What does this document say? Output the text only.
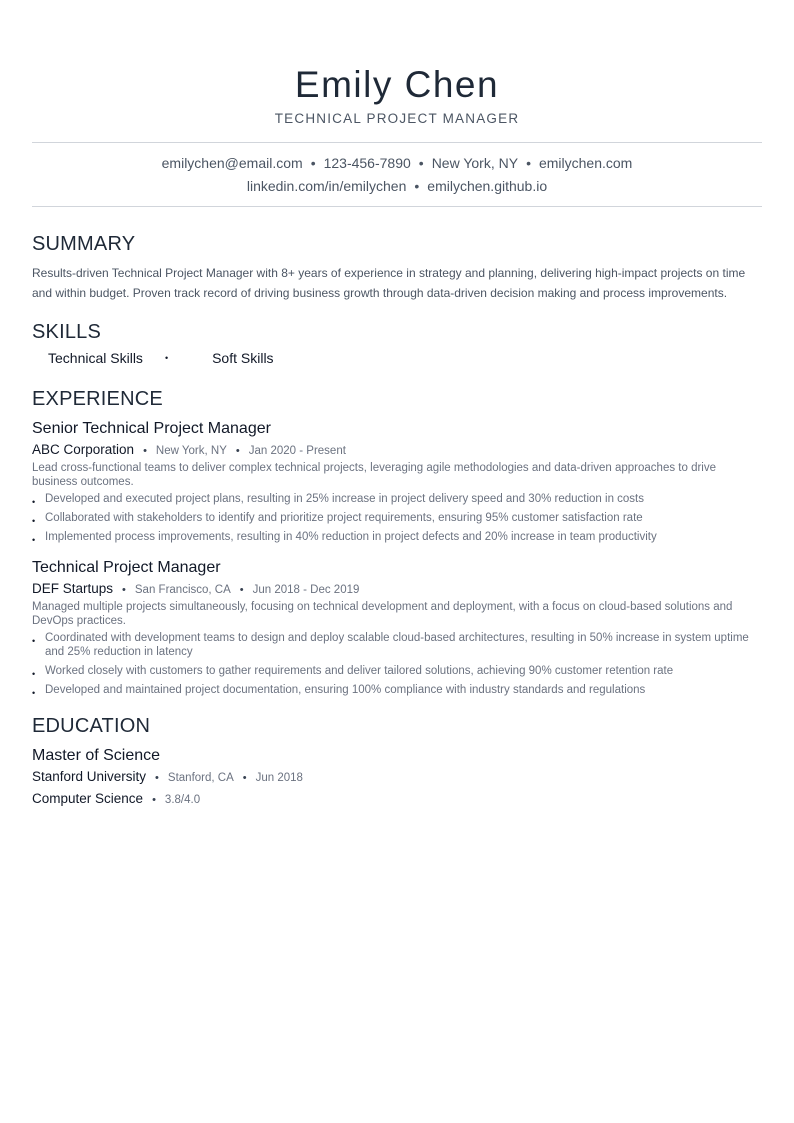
Emily Chen
TECHNICAL PROJECT MANAGER
emilychen@email.com • 123-456-7890 • New York, NY • emilychen.com
linkedin.com/in/emilychen • emilychen.github.io
SUMMARY

Results-driven Technical Project Manager with 8+ years of experience in strategy and planning, delivering high-impact projects on time and within budget. Proven track record of driving business growth through data-driven decision making and process improvements.

SKILLS
Technical Skills •	Soft Skills
EXPERIENCE
Senior Technical Project Manager
ABC Corporation • New York, NY • Jan 2020 - Present

Lead cross-functional teams to deliver complex technical projects, leveraging agile methodologies and data-driven approaches to drive business outcomes.

• Developed and executed project plans, resulting in 25% increase in project delivery speed and 30% reduction in costs
• Collaborated with stakeholders to identify and prioritize project requirements, ensuring 95% customer satisfaction rate
• Implemented process improvements, resulting in 40% reduction in project defects and 20% increase in team productivity
Technical Project Manager
DEF Startups • San Francisco, CA • Jun 2018 - Dec 2019

Managed multiple projects simultaneously, focusing on technical development and deployment, with a focus on cloud-based solutions and DevOps practices.

• Coordinated with development teams to design and deploy scalable cloud-based architectures, resulting in 50% increase in system uptime and 25% reduction in latency
• Worked closely with customers to gather requirements and deliver tailored solutions, achieving 90% customer retention rate
• Developed and maintained project documentation, ensuring 100% compliance with industry standards and regulations
EDUCATION
Master of Science
Stanford University • Stanford, CA • Jun 2018
Computer Science • 3.8/4.0
